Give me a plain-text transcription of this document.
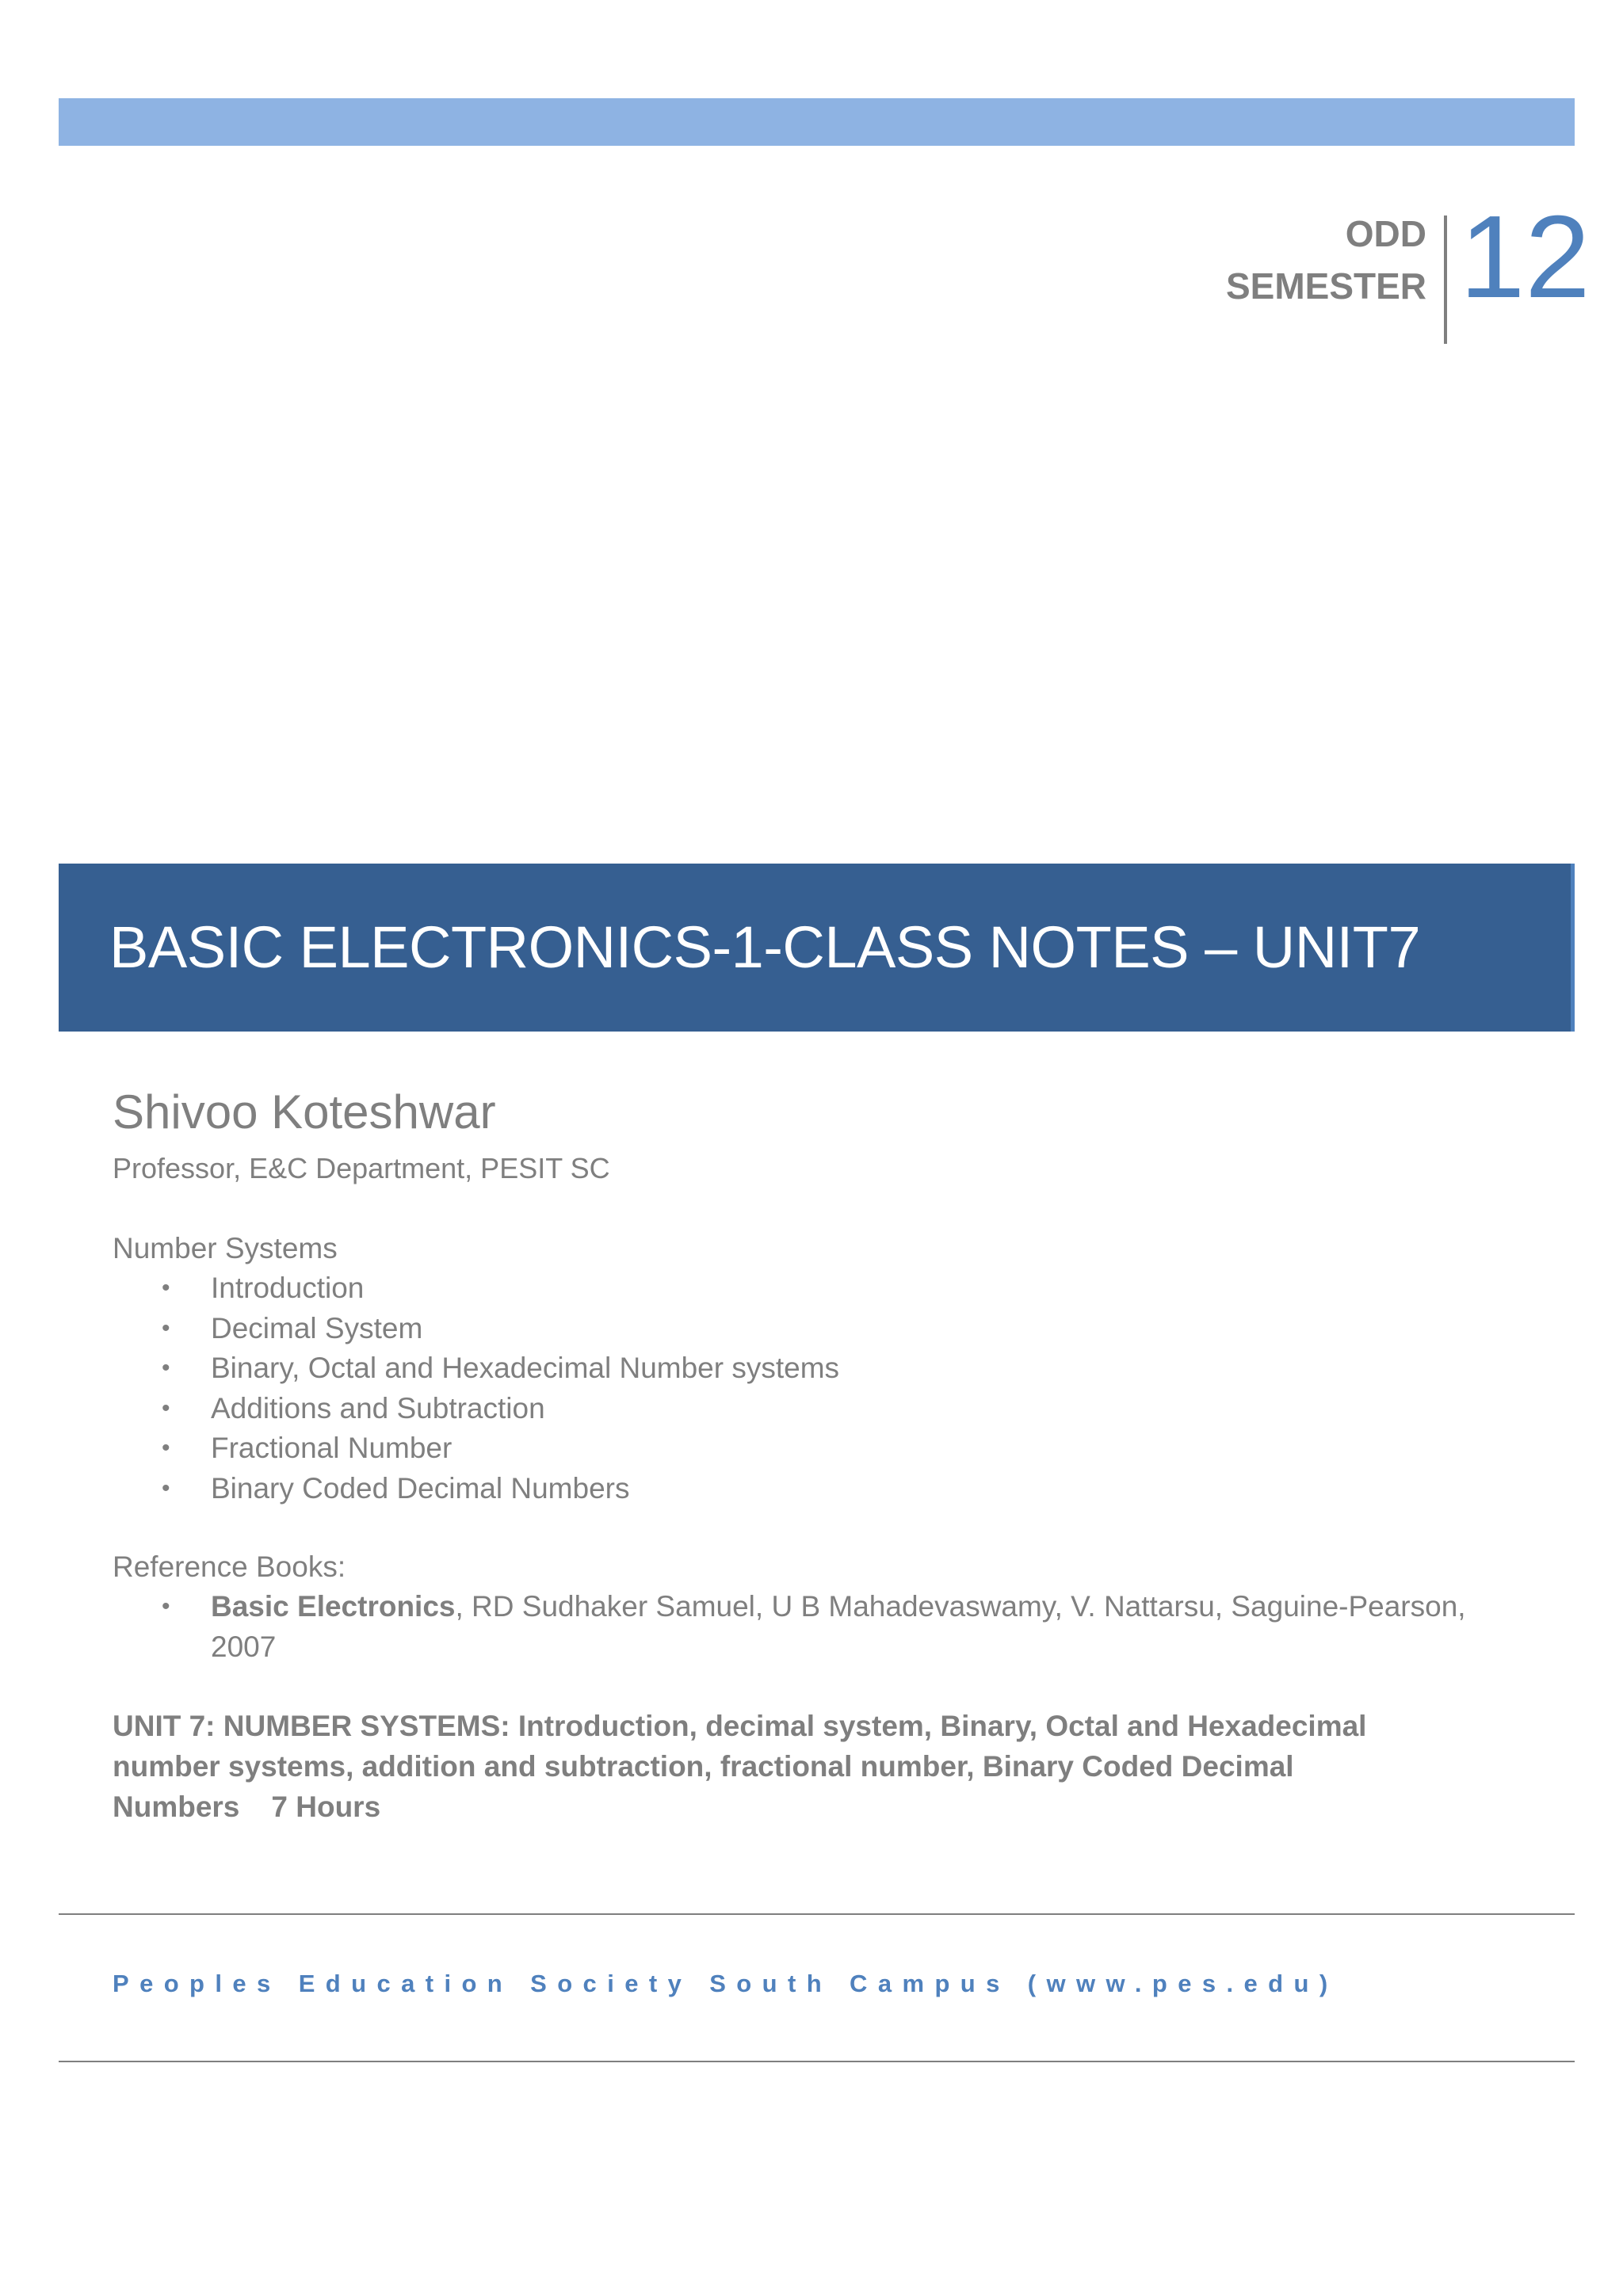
ODD
SEMESTER 12
BASIC ELECTRONICS-1-CLASS NOTES – UNIT7
Shivoo Koteshwar
Professor, E&C Department, PESIT SC
Number Systems
• Introduction
• Decimal System
• Binary, Octal and Hexadecimal Number systems
• Additions and Subtraction
• Fractional Number
• Binary Coded Decimal Numbers
Reference Books:
• Basic Electronics, RD Sudhaker Samuel, U B Mahadevaswamy, V. Nattarsu, Saguine-Pearson, 2007
UNIT 7: NUMBER SYSTEMS: Introduction, decimal system, Binary, Octal and Hexadecimal number systems, addition and subtraction, fractional number, Binary Coded Decimal Numbers 7 Hours
Peoples Education Society South Campus (www.pes.edu)
